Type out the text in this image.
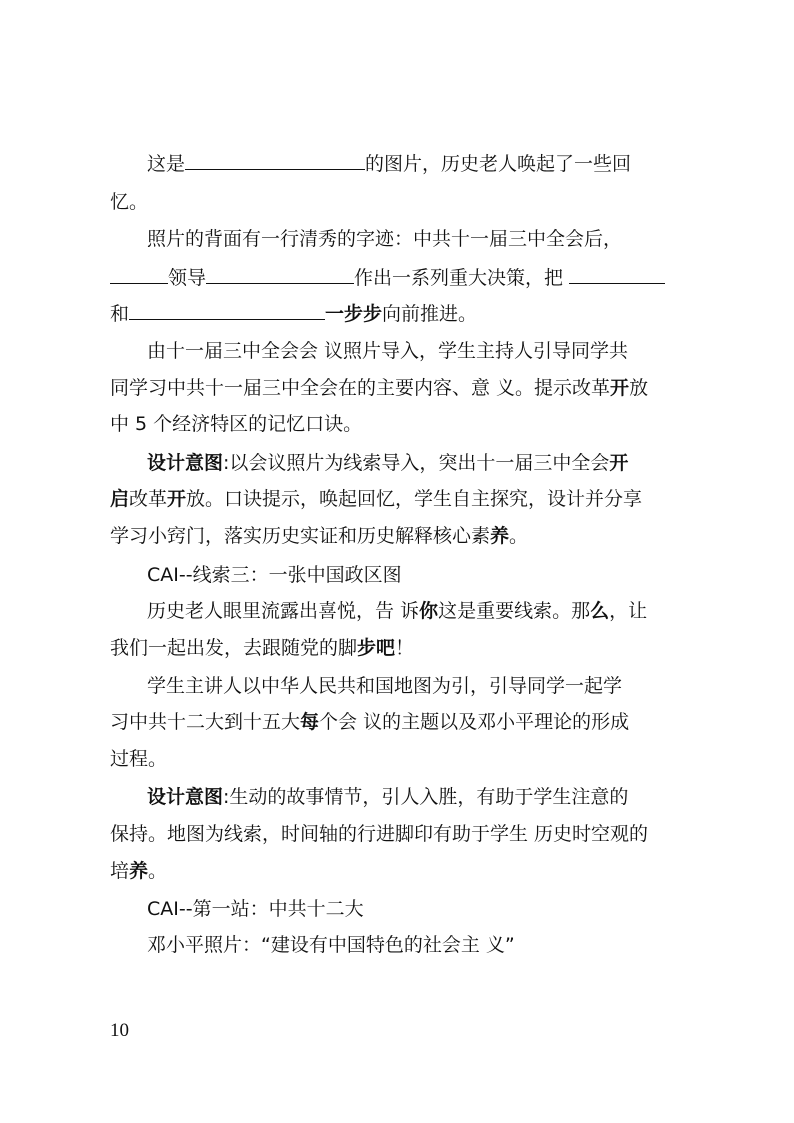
这是	的图片，历史老人唤起了一些回
忆。
照片的背面有一行清秀的字迹：中共十一届三中全会后，
领导	作出一系列重大决策，把
和	一步步向前推进。
由十一届三中全会会 议照片导入，学生主持人引导同学共
同学习中共十一届三中全会在的主要内容、意 义。提示改革开放
中 5 个经济特区的记忆口诀。
设计意图:以会议照片为线索导入，突出十一届三中全会开
启改革开放。口诀提示，唤起回忆，学生自主探究，设计并分享
学习小窍门，落实历史实证和历史解释核心素养。
CAI--线索三：一张中国政区图
历史老人眼里流露出喜悦，告 诉你这是重要线索。那么，让
我们一起出发，去跟随党的脚步吧！
学生主讲人以中华人民共和国地图为引，引导同学一起学
习中共十二大到十五大每个会 议的主题以及邓小平理论的形成
过程。
设计意图:生动的故事情节，引人入胜，有助于学生注意的
保持。地图为线索，时间轴的行进脚印有助于学生 历史时空观的
培养。
CAI--第一站：中共十二大
邓小平照片：“建设有中国特色的社会主 义”
10
